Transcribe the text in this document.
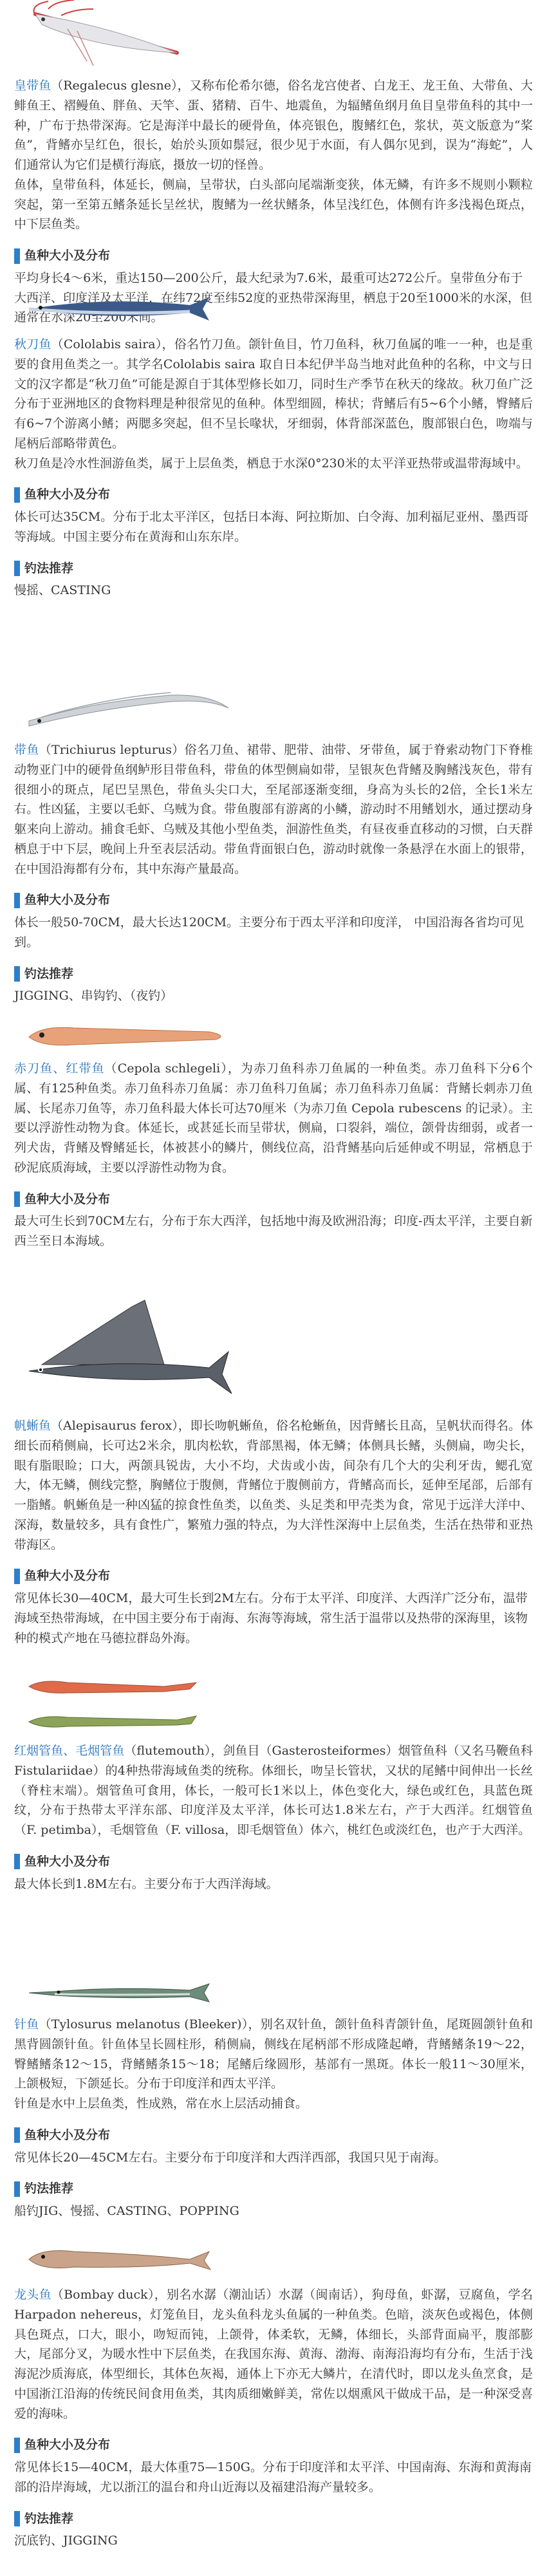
皇带鱼（Regalecus glesne），又称布伦希尔德，俗名龙宫使者、白龙王、龙王鱼、大带鱼、大鲱鱼王、褶鳗鱼、胖鱼、天竿、蛋、猪精、百牛、地震鱼，为辐鳍鱼纲月鱼目皇带鱼科的其中一种，广布于热带深海。它是海洋中最长的硬骨鱼，体亮银色，腹鳍红色，浆状，英文版意为“桨鱼”，背鳍亦呈红色，很长，始於头顶如鬃冠，很少见于水面，有人偶尔见到，误为“海蛇”，人们通常认为它们是横行海底，摄放一切的怪兽。

鱼体，皇带鱼科，体延长，侧扁，呈带状，白头部向尾端渐变狭，体无鳞，有许多不规则小颗粒突起，第一至第五鳍条延长呈丝状，腹鳍为一丝状鳍条，体呈浅红色，体侧有许多浅褐色斑点，中下层鱼类。

鱼种大小及分布

平均身长4～6米，重达150—200公斤，最大纪录为7.6米，最重可达272公斤。皇带鱼分布于大西洋、印度洋及太平洋，在纬72度至纬52度的亚热带深海里，栖息于20至1000米的水深，但通常在水深20至200米间。

秋刀鱼（Cololabis saira），俗名竹刀鱼。颌针鱼目，竹刀鱼科，秋刀鱼属的唯一一种，也是重要的食用鱼类之一。其学名Cololabis saira 取自日本纪伊半岛当地对此鱼种的名称，中文与日文的汉字都是“秋刀鱼”可能是源自于其体型修长如刀，同时生产季节在秋天的缘故。秋刀鱼广泛分布于亚洲地区的食物料理是种很常见的鱼种。体型细圆，棒状；背鳍后有5~6个小鳍，臀鳍后有6~7个游离小鳍；两腮多突起，但不呈长喙状，牙细弱，体背部深蓝色，腹部银白色，吻端与尾柄后部略带黄色。

秋刀鱼是冷水性洄游鱼类，属于上层鱼类，栖息于水深0°230米的太平洋亚热带或温带海域中。

鱼种大小及分布

体长可达35CM。分布于北太平洋区，包括日本海、阿拉斯加、白令海、加利福尼亚州、墨西哥等海域。中国主要分布在黄海和山东东岸。

钓法推荐

慢摇、CASTING

带鱼（Trichiurus lepturus）俗名刀鱼、裙带、肥带、油带、牙带鱼，属于脊索动物门下脊椎动物亚门中的硬骨鱼纲鲈形目带鱼科，带鱼的体型侧扁如带，呈银灰色背鳍及胸鳍浅灰色，带有很细小的斑点，尾巴呈黑色，带鱼头尖口大，至尾部逐渐变细，身高为头长的2倍，全长1米左右。性凶猛，主要以毛虾、乌贼为食。带鱼腹部有游离的小鳞，游动时不用鳍划水，通过摆动身躯来向上游动。捕食毛虾、乌贼及其他小型鱼类，洄游性鱼类，有昼夜垂直移动的习惯，白天群栖息于中下层，晚间上升至表层活动。带鱼背面银白色，游动时就像一条悬浮在水面上的银带，在中国沿海都有分布，其中东海产量最高。

鱼种大小及分布

体长一般50-70CM，最大长达120CM。主要分布于西太平洋和印度洋， 中国沿海各省均可见到。

钓法推荐

JIGGING、串钩钓、（夜钓）

赤刀鱼、红带鱼（Cepola schlegeli），为赤刀鱼科赤刀鱼属的一种鱼类。赤刀鱼科下分6个属、有125种鱼类。赤刀鱼科赤刀鱼属：赤刀鱼科刀鱼属；赤刀鱼科赤刀鱼属：背鳍长刺赤刀鱼属、长尾赤刀鱼等，赤刀鱼科最大体长可达70厘米（为赤刀鱼 Cepola rubescens 的记录）。主要以浮游性动物为食。体延长，或甚延长而呈带状，侧扁，口裂斜，端位，颌骨齿细弱，或者一列犬齿，背鳍及臀鳍延长，体被甚小的鳞片，侧线位高，沿背鳍基向后延伸或不明显，常栖息于砂泥底质海域，主要以浮游性动物为食。

鱼种大小及分布

最大可生长到70CM左右，分布于东大西洋，包括地中海及欧洲沿海；印度-西太平洋，主要自新西兰至日本海域。

帆蜥鱼（Alepisaurus ferox），即长吻帆蜥鱼，俗名枪蜥鱼，因背鳍长且高，呈帆状而得名。体细长而稍侧扁，长可达2米余，肌肉松软，背部黑褐，体无鳞；体侧具长鳍，头侧扁，吻尖长，眼有脂眼睑；口大，两颌具锐齿，大小不均，犬齿或小齿，间杂有几个大的尖利牙齿，鳃孔宽大，体无鳞，侧线完整，胸鳍位于腹侧，背鳍位于腹侧前方，背鳍高而长，延伸至尾部，后部有一脂鳍。帆蜥鱼是一种凶猛的掠食性鱼类，以鱼类、头足类和甲壳类为食，常见于远洋大洋中、深海，数量较多，具有食性广，繁殖力强的特点，为大洋性深海中上层鱼类，生活在热带和亚热带海区。

鱼种大小及分布

常见体长30—40CM，最大可生长到2M左右。分布于太平洋、印度洋、大西洋广泛分布，温带海域至热带海域，在中国主要分布于南海、东海等海域，常生活于温带以及热带的深海里，该物种的模式产地在马德拉群岛外海。

红烟管鱼、毛烟管鱼（flutemouth），剑鱼目（Gasterosteiformes）烟管鱼科（又名马鞭鱼科Fistulariidae）的4种热带海域鱼类的统称。体细长，吻呈长管状，又状的尾鳍中间伸出一长丝（脊柱末端）。烟管鱼可食用，体长，一般可长1米以上，体色变化大，绿色或红色，具蓝色斑纹，分布于热带太平洋东部、印度洋及太平洋，体长可达1.8米左右，产于大西洋。红烟管鱼（F. petimba），毛烟管鱼（F. villosa，即毛烟管鱼）体六，桃红色或淡红色，也产于大西洋。

鱼种大小及分布

最大体长到1.8M左右。主要分布于大西洋海域。

针鱼（Tylosurus melanotus (Bleeker)），别名双针鱼，颌针鱼科青颌针鱼，尾斑圆颌针鱼和黑背圆颌针鱼。针鱼体呈长圆柱形，稍侧扁，侧线在尾柄部不形成隆起嵴，背鳍鳍条19～22，臀鳍鳍条12～15，背鳍鳍条15～18；尾鳍后缘圆形，基部有一黑斑。体长一般11～30厘米，上颌极短，下颌延长。分布于印度洋和西太平洋。

针鱼是水中上层鱼类，性成熟，常在水上层活动捕食。

鱼种大小及分布

常见体长20—45CM左右。主要分布于印度洋和大西洋西部，我国只见于南海。

钓法推荐

船钓JIG、慢摇、CASTING、POPPING

龙头鱼（Bombay duck），别名水潺（潮汕话）水潺（闽南话），狗母鱼，虾潺，豆腐鱼，学名Harpadon nehereus，灯笼鱼目，龙头鱼科龙头鱼属的一种鱼类。色暗，淡灰色或褐色，体侧具色斑点，口大，眼小，吻短而钝，上颌骨，体柔软，无鳞，体细长，头部背面扁平，腹部膨大，尾部分叉，为暖水性中下层鱼类，在我国东海、黄海、渤海、南海沿海均有分布，生活于浅海泥沙质海底，体型细长，其体色灰褐，通体上下亦无大鳞片，在清代时，即以龙头鱼烹食，是中国浙江沿海的传统民间食用鱼类，其肉质细嫩鲜美，常佐以烟熏风干做成干品，是一种深受喜爱的海味。

鱼种大小及分布

常见体长15—40CM，最大体重75—150G。分布于印度洋和太平洋、中国南海、东海和黄海南部的沿岸海域，尤以浙江的温台和舟山近海以及福建沿海产量较多。

钓法推荐

沉底钓、JIGGING
